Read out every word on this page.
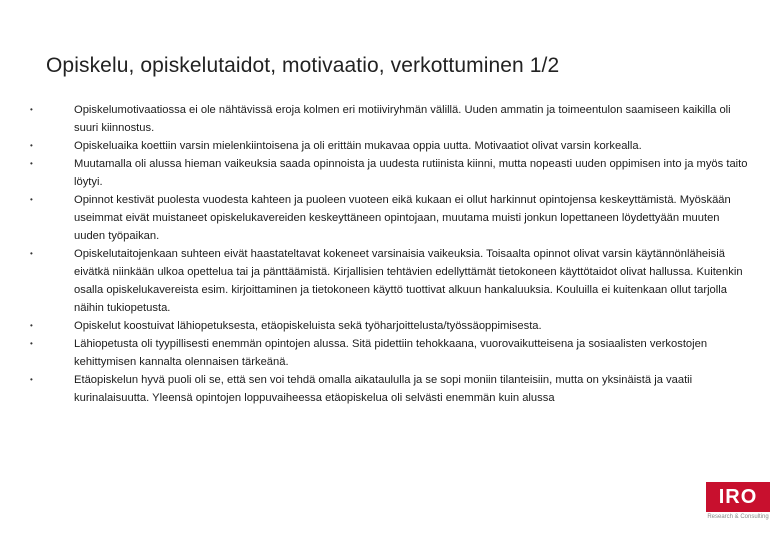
Opiskelu, opiskelutaidot, motivaatio, verkottuminen 1/2
•	Opiskelumotivaatiossa ei ole nähtävissä eroja kolmen eri motiiviryhmän välillä. Uuden ammatin ja toimeentulon saamiseen kaikilla oli suuri kiinnostus.
•	Opiskeluaika koettiin varsin mielenkiintoisena ja oli erittäin mukavaa oppia uutta. Motivaatiot olivat varsin korkealla.
•	Muutamalla oli alussa hieman vaikeuksia saada opinnoista ja uudesta rutiinista kiinni, mutta nopeasti uuden oppimisen into ja myös taito löytyi.
•	Opinnot kestivät puolesta vuodesta kahteen ja puoleen vuoteen eikä kukaan ei ollut harkinnut opintojensa keskeyttämistä. Myöskään useimmat eivät muistaneet opiskelukavereiden keskeyttäneen opintojaan, muutama muisti jonkun lopettaneen löydettyään muuten uuden työpaikan.
•	Opiskelutaitojenkaan suhteen eivät haastateltavat kokeneet varsinaisia vaikeuksia. Toisaalta opinnot olivat varsin käytännönläheisiä eivätkä niinkään ulkoa opettelua tai ja pänttäämistä. Kirjallisien tehtävien edellyttämät tietokoneen käyttötaidot olivat hallussa. Kuitenkin osalla opiskelukavereista esim. kirjoittaminen ja tietokoneen käyttö tuottivat alkuun hankaluuksia. Kouluilla ei kuitenkaan ollut tarjolla näihin tukiopetusta.
•	Opiskelut koostuivat lähiopetuksesta, etäopiskeluista sekä työharjoittelusta/työssäoppimisesta.
•	Lähiopetusta oli tyypillisesti enemmän opintojen alussa. Sitä pidettiin tehokkaana, vuorovaikutteisena ja sosiaalisten verkostojen kehittymisen kannalta olennaisen tärkeänä.
•	Etäopiskelun hyvä puoli oli se, että sen voi tehdä omalla aikataululla ja se sopi moniin tilanteisiin, mutta on yksinäistä ja vaatii kurinalaisuutta. Yleensä opintojen loppuvaiheessa etäopiskelua oli selvästi enemmän kuin alussa
IRO
Research & Consulting
